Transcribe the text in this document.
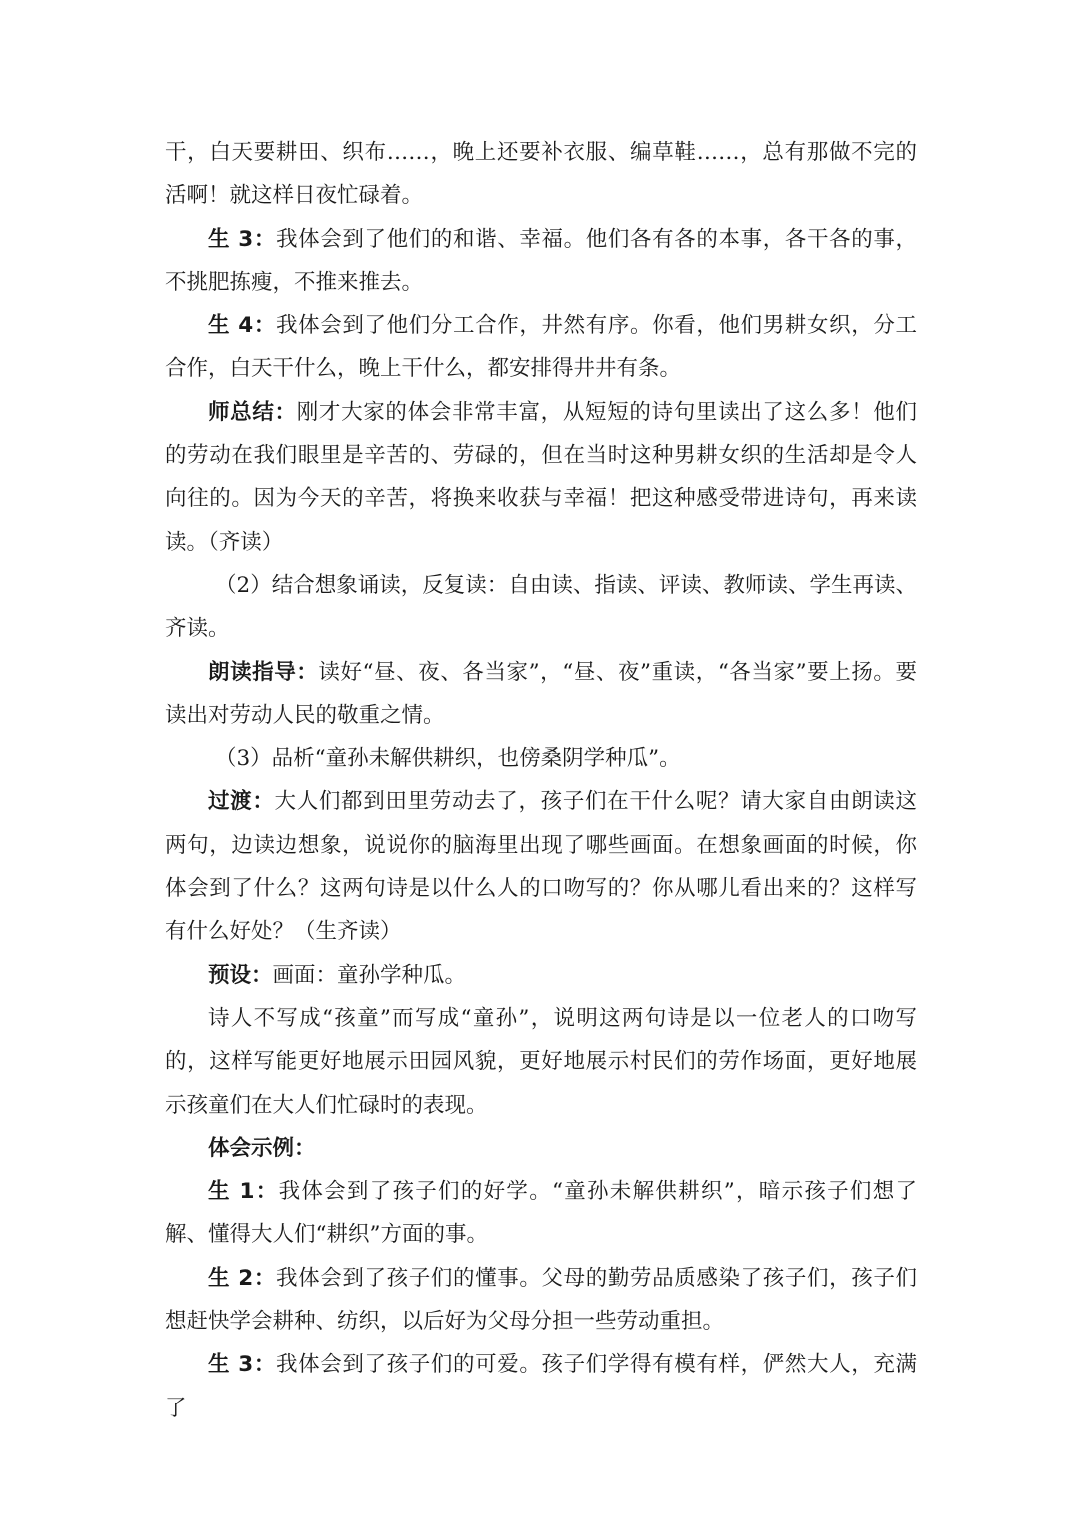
干，白天要耕田、织布……，晚上还要补衣服、编草鞋……，总有那做不完的活啊！就这样日夜忙碌着。

生 3：我体会到了他们的和谐、幸福。他们各有各的本事，各干各的事，不挑肥拣瘦，不推来推去。

生 4：我体会到了他们分工合作，井然有序。你看，他们男耕女织，分工合作，白天干什么，晚上干什么，都安排得井井有条。

师总结：刚才大家的体会非常丰富，从短短的诗句里读出了这么多！他们的劳动在我们眼里是辛苦的、劳碌的，但在当时这种男耕女织的生活却是令人向往的。因为今天的辛苦，将换来收获与幸福！把这种感受带进诗句，再来读读。（齐读）

（2）结合想象诵读，反复读：自由读、指读、评读、教师读、学生再读、齐读。

朗读指导：读好“昼、夜、各当家”，“昼、夜”重读，“各当家”要上扬。要读出对劳动人民的敬重之情。

（3）品析“童孙未解供耕织，也傍桑阴学种瓜”。

过渡：大人们都到田里劳动去了，孩子们在干什么呢？请大家自由朗读这两句，边读边想象，说说你的脑海里出现了哪些画面。在想象画面的时候，你体会到了什么？这两句诗是以什么人的口吻写的？你从哪儿看出来的？这样写有什么好处？（生齐读）

预设：画面：童孙学种瓜。

诗人不写成“孩童”而写成“童孙”，说明这两句诗是以一位老人的口吻写的，这样写能更好地展示田园风貌，更好地展示村民们的劳作场面，更好地展示孩童们在大人们忙碌时的表现。

体会示例：

生 1：我体会到了孩子们的好学。“童孙未解供耕织”，暗示孩子们想了解、懂得大人们“耕织”方面的事。

生 2：我体会到了孩子们的懂事。父母的勤劳品质感染了孩子们，孩子们想赶快学会耕种、纺织，以后好为父母分担一些劳动重担。

生 3：我体会到了孩子们的可爱。孩子们学得有模有样，俨然大人，充满了
